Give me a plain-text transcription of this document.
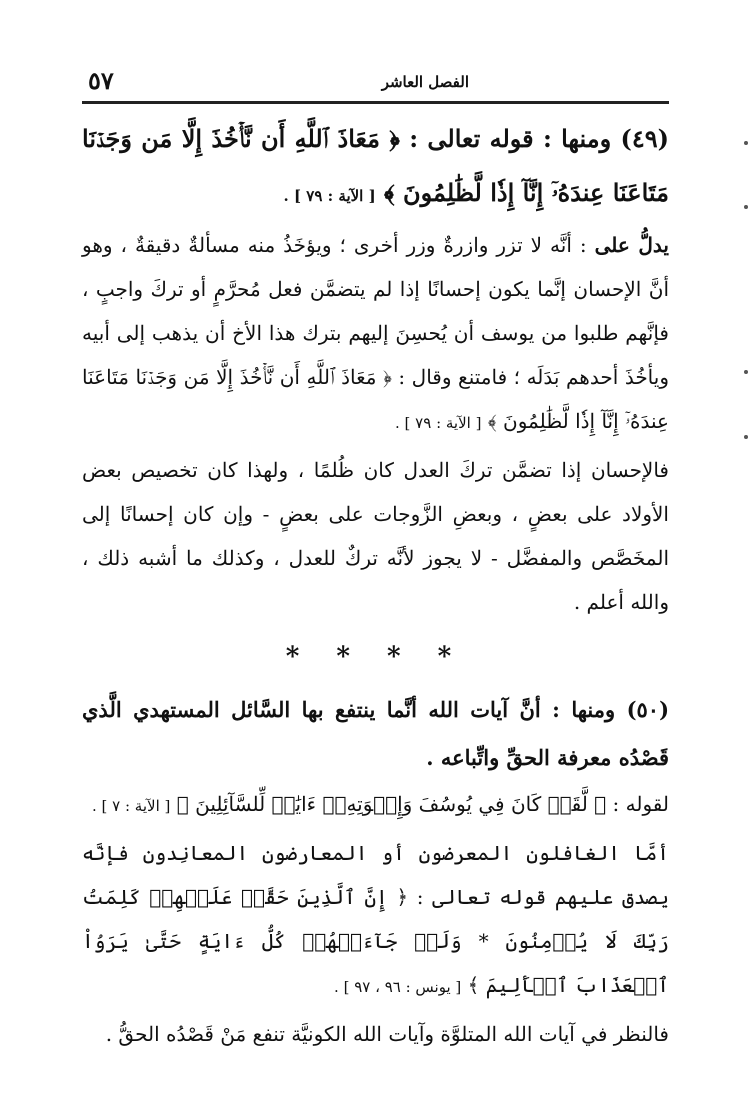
الفصل العاشر
٥٧

(٤٩) ومنها : قوله تعالى : ﴿ مَعَاذَ ٱللَّهِ أَن نَّأۡخُذَ إِلَّا مَن وَجَدۡنَا مَتَاعَنَا عِندَهُۥٓ إِنَّآ إِذٗا لَّظَٰلِمُونَ ﴾ [ الآية : ٧٩ ] .

يدلُّ على : أنَّه لا تزر وازرةٌ وزر أخرى ؛ ويؤخَذُ منه مسألةٌ دقيقةٌ ، وهو أنَّ الإحسان إنَّما يكون إحسانًا إذا لم يتضمَّن فعل مُحرَّمٍ أو تركَ واجبٍ ، فإنَّهم طلبوا من يوسف أن يُحسِنَ إليهم بترك هذا الأخ أن يذهب إلى أبيه ويأخُذَ أحدهم بَدَلَه ؛ فامتنع وقال : ﴿ مَعَاذَ ٱللَّهِ أَن نَّأۡخُذَ إِلَّا مَن وَجَدۡنَا مَتَاعَنَا عِندَهُۥٓ إِنَّآ إِذٗا لَّظَٰلِمُونَ ﴾ [ الآية : ٧٩ ] .

فالإحسان إذا تضمَّن تركَ العدل كان ظُلمًا ، ولهذا كان تخصيص بعض الأولاد على بعضٍ ، وبعضِ الزَّوجات على بعضٍ - وإن كان إحسانًا إلى المخَصَّص والمفضَّل - لا يجوز لأنَّه تركٌ للعدل ، وكذلك ما أشبه ذلك ، والله أعلم .

* * * *

(٥٠) ومنها : أنَّ آيات الله أنَّما ينتفع بها السَّائل المستهدي الَّذي قَصْدُه معرفة الحقِّ واتِّباعه .

لقوله : ﴿ لَّقَدۡ كَانَ فِي يُوسُفَ وَإِخۡوَتِهِۦٓ ءَايَٰتٞ لِّلسَّآئِلِينَ ﴾ [ الآية : ٧ ] .

أمَّا الغافلون المعرضون أو المعارضون المعانِدون فإنَّه يصدق عليهم قوله تعالى : ﴿ إِنَّ ٱلَّذِينَ حَقَّتۡ عَلَيۡهِمۡ كَلِمَتُ رَبِّكَ لَا يُؤۡمِنُونَ * وَلَوۡ جَآءَتۡهُمۡ كُلُّ ءَايَةٍ حَتَّىٰ يَرَوُاْ ٱلۡعَذَابَ ٱلۡأَلِيمَ ﴾ [ يونس : ٩٦ ، ٩٧ ] .

فالنظر في آيات الله المتلوَّة وآيات الله الكونيَّة تنفع مَنْ قَصْدُه الحقُّ .
